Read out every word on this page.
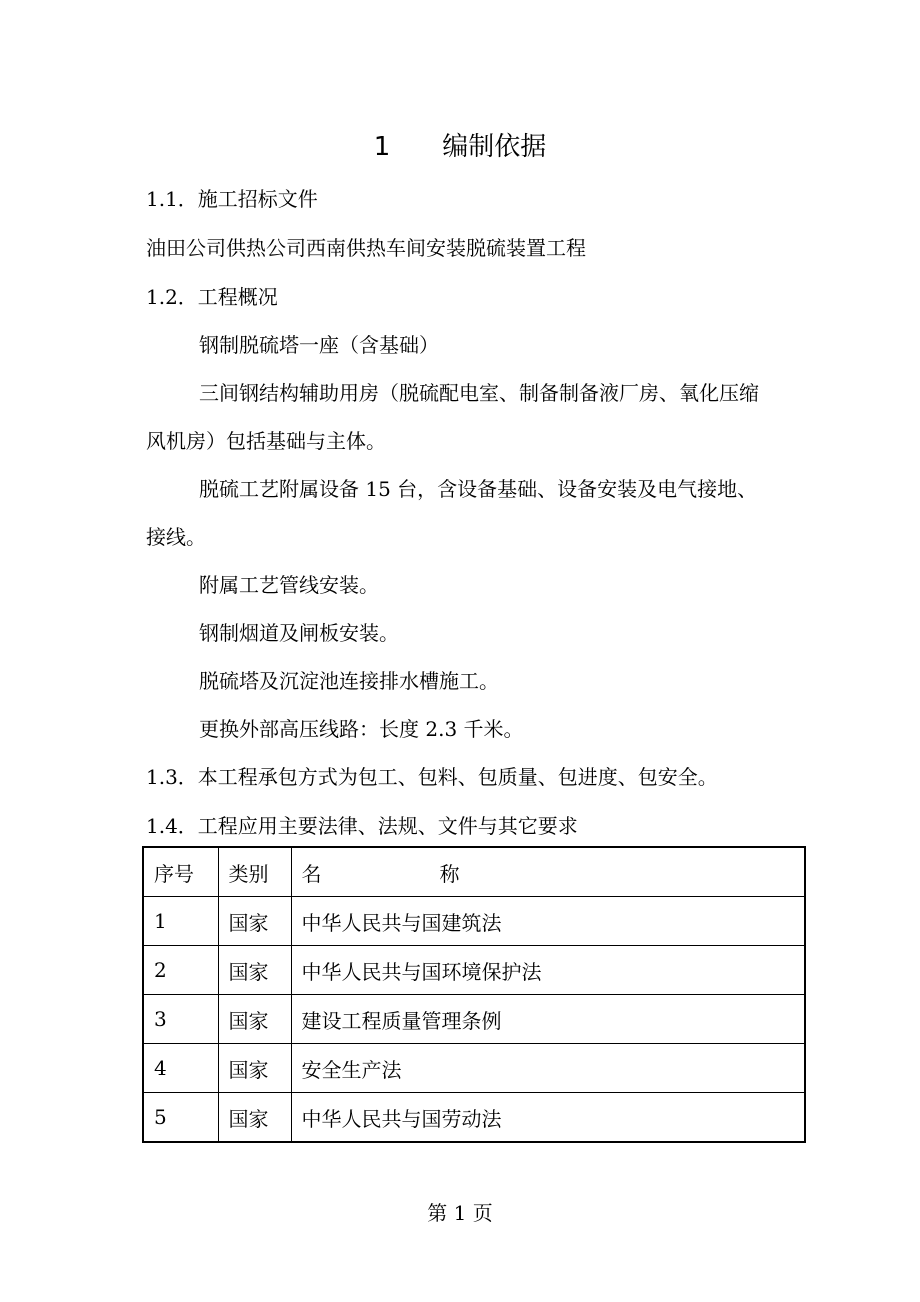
1 编制依据
1.1．施工招标文件
油田公司供热公司西南供热车间安装脱硫装置工程
1.2．工程概况
钢制脱硫塔一座（含基础）
三间钢结构辅助用房（脱硫配电室、制备制备液厂房、氧化压缩
风机房）包括基础与主体。
脱硫工艺附属设备 15 台，含设备基础、设备安装及电气接地、
接线。
附属工艺管线安装。
钢制烟道及闸板安装。
脱硫塔及沉淀池连接排水槽施工。
更换外部高压线路：长度 2.3 千米。
1.3．本工程承包方式为包工、包料、包质量、包进度、包安全。
1.4．工程应用主要法律、法规、文件与其它要求
序号	类别	名 称
1	国家	中华人民共与国建筑法
2	国家	中华人民共与国环境保护法
3	国家	建设工程质量管理条例
4	国家	安全生产法
5	国家	中华人民共与国劳动法
第 1 页
